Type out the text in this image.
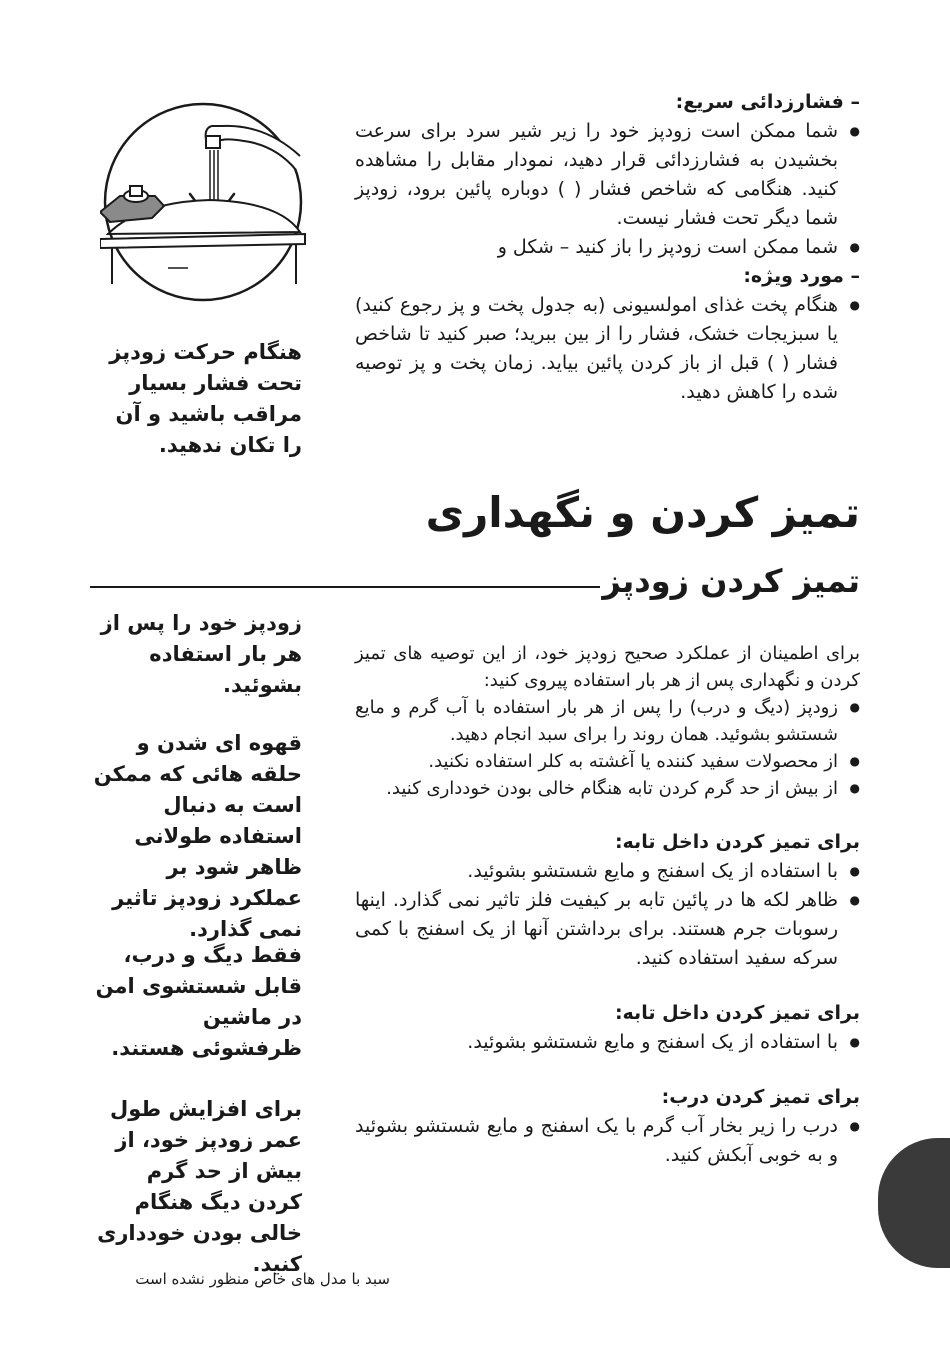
– فشارزدائی سریع:

● شما ممکن است زودپز خود را زیر شیر سرد برای سرعت بخشیدن به فشارزدائی قرار دهید، نمودار مقابل را مشاهده کنید. هنگامی که شاخص فشار ( ) دوباره پائین برود، زودپز شما دیگر تحت فشار نیست.
● شما ممکن است زودپز را باز کنید – شکل و

– مورد ویژه:

● هنگام پخت غذای امولسیونی (به جدول پخت و پز رجوع کنید) یا سبزیجات خشک، فشار را از بین ببرید؛ صبر کنید تا شاخص فشار ( ) قبل از باز کردن پائین بیاید. زمان پخت و پز توصیه شده را کاهش دهید.
هنگام حرکت زودپز تحت فشار بسیار مراقب باشید و آن را تکان ندهید.
تمیز کردن و نگهداری
تمیز کردن زودپز

برای اطمینان از عملکرد صحیح زودپز خود، از این توصیه های تمیز کردن و نگهداری پس از هر بار استفاده پیروی کنید:

● زودپز (دیگ و درب) را پس از هر بار استفاده با آب گرم و مایع شستشو بشوئید. همان روند را برای سبد انجام دهید.
● از محصولات سفید کننده یا آغشته به کلر استفاده نکنید.
● از بیش از حد گرم کردن تابه هنگام خالی بودن خودداری کنید.

برای تمیز کردن داخل تابه:

● با استفاده از یک اسفنج و مایع شستشو بشوئید.
● ظاهر لکه ها در پائین تابه بر کیفیت فلز تاثیر نمی گذارد. اینها رسوبات جرم هستند. برای برداشتن آنها از یک اسفنج با کمی سرکه سفید استفاده کنید.

برای تمیز کردن داخل تابه:

● با استفاده از یک اسفنج و مایع شستشو بشوئید.

برای تمیز کردن درب:

● درب را زیر بخار آب گرم با یک اسفنج و مایع شستشو بشوئید و به خوبی آبکش کنید.
زودپز خود را پس از هر بار استفاده بشوئید.
قهوه ای شدن و حلقه هائی که ممکن است به دنبال استفاده طولانی ظاهر شود بر عملکرد زودپز تاثیر نمی گذارد.
فقط دیگ و درب، قابل شستشوی امن در ماشین ظرفشوئی هستند.
برای افزایش طول عمر زودپز خود، از بیش از حد گرم کردن دیگ هنگام خالی بودن خودداری کنید.

سبد با مدل های خاص منظور نشده است
